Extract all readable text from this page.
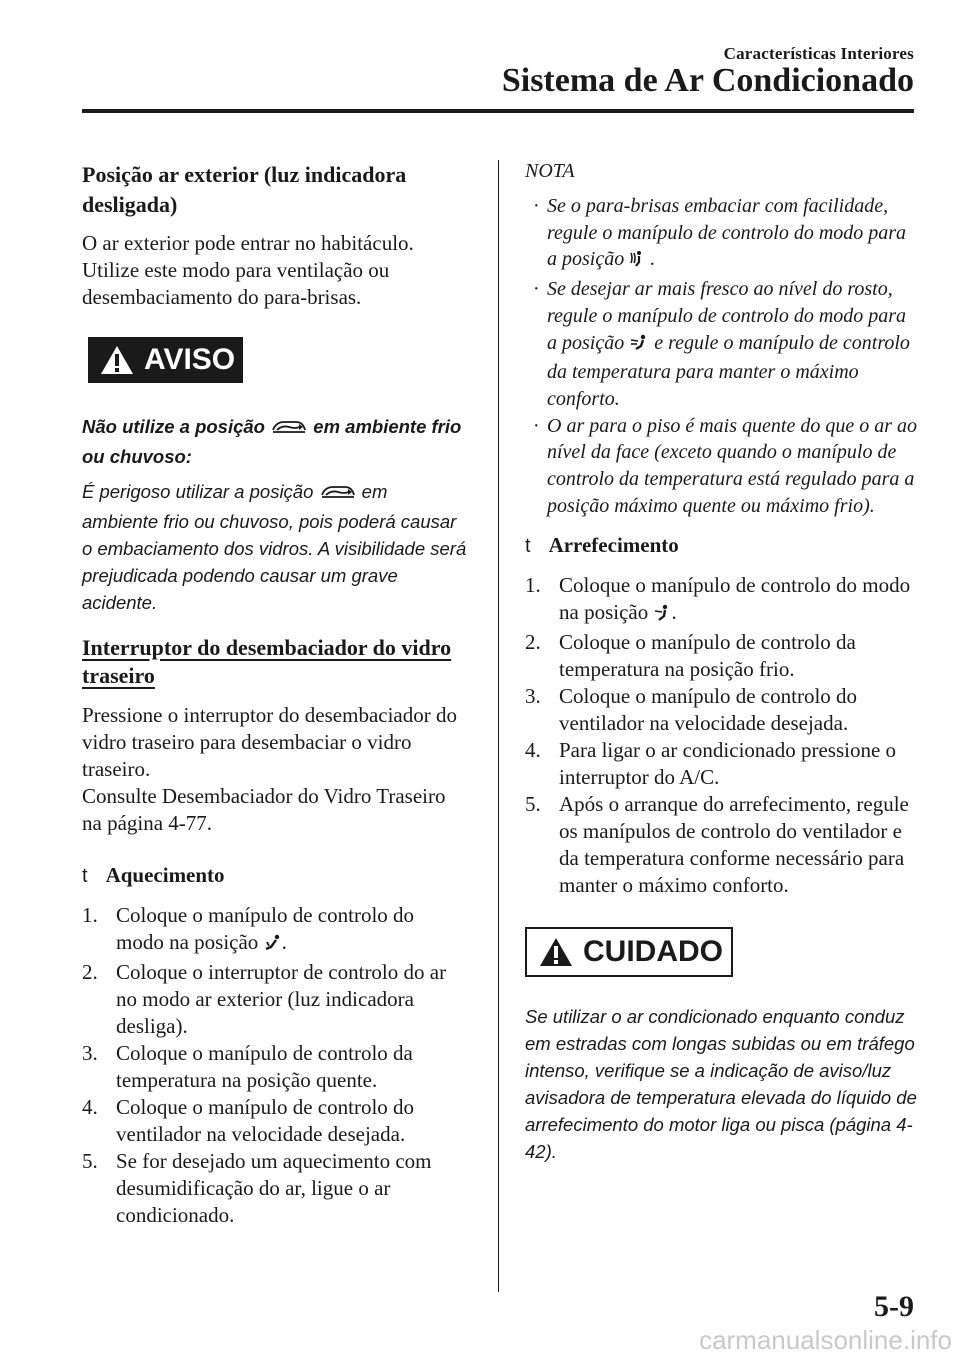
Características Interiores
Sistema de Ar Condicionado
Posição ar exterior (luz indicadora desligada)
O ar exterior pode entrar no habitáculo. Utilize este modo para ventilação ou desembaciamento do para-brisas.
AVISO
Não utilize a posição	em ambiente frio ou chuvoso:
É perigoso utilizar a posição	em ambiente frio ou chuvoso, pois poderá causar o embaciamento dos vidros. A visibilidade será prejudicada podendo causar um grave acidente.
Interruptor do desembaciador do vidro traseiro
Pressione o interruptor do desembaciador do vidro traseiro para desembaciar o vidro traseiro.
Consulte Desembaciador do Vidro Traseiro na página 4-77.
t Aquecimento
1. Coloque o manípulo de controlo do modo na posição .
2. Coloque o interruptor de controlo do ar no modo ar exterior (luz indicadora desliga).
3. Coloque o manípulo de controlo da temperatura na posição quente.
4. Coloque o manípulo de controlo do ventilador na velocidade desejada.
5. Se for desejado um aquecimento com desumidificação do ar, ligue o ar condicionado.
NOTA
· Se o para-brisas embaciar com facilidade, regule o manípulo de controlo do modo para a posição .
· Se desejar ar mais fresco ao nível do rosto, regule o manípulo de controlo do modo para a posição e regule o manípulo de controlo da temperatura para manter o máximo conforto.
· O ar para o piso é mais quente do que o ar ao nível da face (exceto quando o manípulo de controlo da temperatura está regulado para a posição máximo quente ou máximo frio).
t Arrefecimento
1. Coloque o manípulo de controlo do modo na posição .
2. Coloque o manípulo de controlo da temperatura na posição frio.
3. Coloque o manípulo de controlo do ventilador na velocidade desejada.
4. Para ligar o ar condicionado pressione o interruptor do A/C.
5. Após o arranque do arrefecimento, regule os manípulos de controlo do ventilador e da temperatura conforme necessário para manter o máximo conforto.
CUIDADO
Se utilizar o ar condicionado enquanto conduz em estradas com longas subidas ou em tráfego intenso, verifique se a indicação de aviso/luz avisadora de temperatura elevada do líquido de arrefecimento do motor liga ou pisca (página 4-42).
5-9
carmanualsonline.info
